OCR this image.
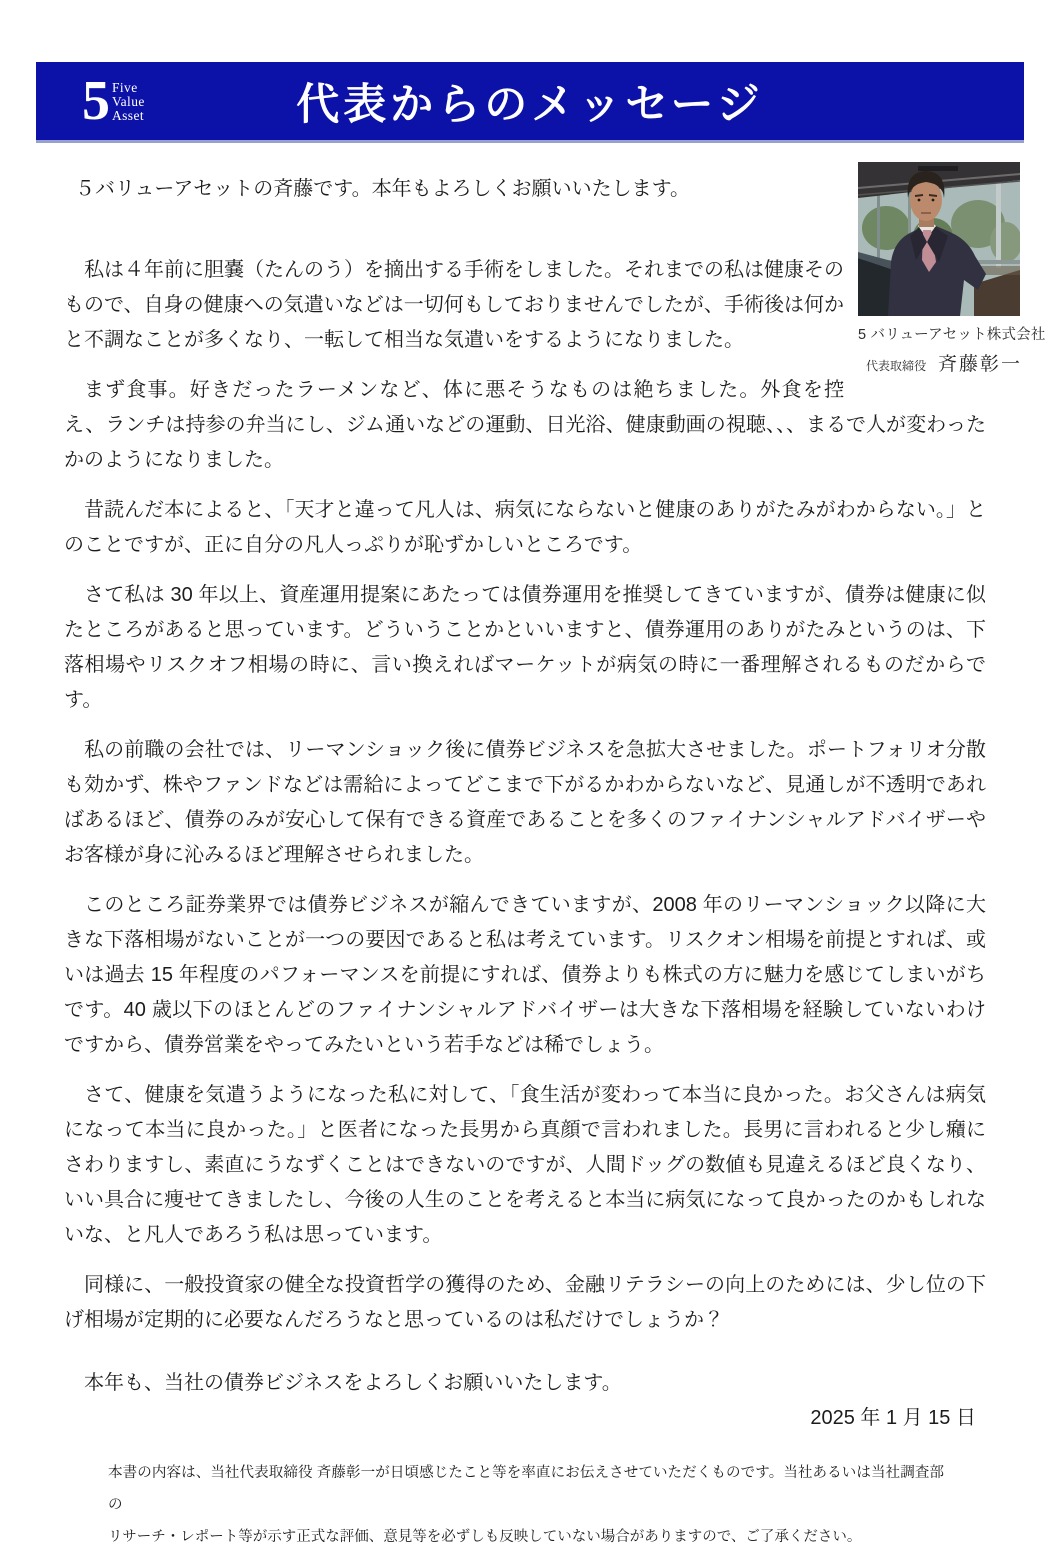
5 Five
Value
Asset	代表からのメッセージ
5 バリューアセット株式会社
代表取締役 斉藤彰一

５バリューアセットの斉藤です。本年もよろしくお願いいたします。

私は４年前に胆嚢（たんのう）を摘出する手術をしました。それまでの私は健康そのもので、自身の健康への気遣いなどは一切何もしておりませんでしたが、手術後は何かと不調なことが多くなり、一転して相当な気遣いをするようになりました。

まず食事。好きだったラーメンなど、体に悪そうなものは絶ちました。外食を控え、ランチは持参の弁当にし、ジム通いなどの運動、日光浴、健康動画の視聴、、、まるで人が変わったかのようになりました。

昔読んだ本によると、「天才と違って凡人は、病気にならないと健康のありがたみがわからない。」とのことですが、正に自分の凡人っぷりが恥ずかしいところです。

さて私は 30 年以上、資産運用提案にあたっては債券運用を推奨してきていますが、債券は健康に似たところがあると思っています。どういうことかといいますと、債券運用のありがたみというのは、下落相場やリスクオフ相場の時に、言い換えればマーケットが病気の時に一番理解されるものだからです。

私の前職の会社では、リーマンショック後に債券ビジネスを急拡大させました。ポートフォリオ分散も効かず、株やファンドなどは需給によってどこまで下がるかわからないなど、見通しが不透明であればあるほど、債券のみが安心して保有できる資産であることを多くのファイナンシャルアドバイザーやお客様が身に沁みるほど理解させられました。

このところ証券業界では債券ビジネスが縮んできていますが、2008 年のリーマンショック以降に大きな下落相場がないことが一つの要因であると私は考えています。リスクオン相場を前提とすれば、或いは過去 15 年程度のパフォーマンスを前提にすれば、債券よりも株式の方に魅力を感じてしまいがちです。40 歳以下のほとんどのファイナンシャルアドバイザーは大きな下落相場を経験していないわけですから、債券営業をやってみたいという若手などは稀でしょう。

さて、健康を気遣うようになった私に対して、「食生活が変わって本当に良かった。お父さんは病気になって本当に良かった。」と医者になった長男から真顔で言われました。長男に言われると少し癪にさわりますし、素直にうなずくことはできないのですが、人間ドッグの数値も見違えるほど良くなり、いい具合に痩せてきましたし、今後の人生のことを考えると本当に病気になって良かったのかもしれないな、と凡人であろう私は思っています。

同様に、一般投資家の健全な投資哲学の獲得のため、金融リテラシーの向上のためには、少し位の下げ相場が定期的に必要なんだろうなと思っているのは私だけでしょうか？

本年も、当社の債券ビジネスをよろしくお願いいたします。

2025 年 1 月 15 日
本書の内容は、当社代表取締役 斉藤彰一が日頃感じたこと等を率直にお伝えさせていただくものです。当社あるいは当社調査部の
リサーチ・レポート等が示す正式な評価、意見等を必ずしも反映していない場合がありますので、ご了承ください。
